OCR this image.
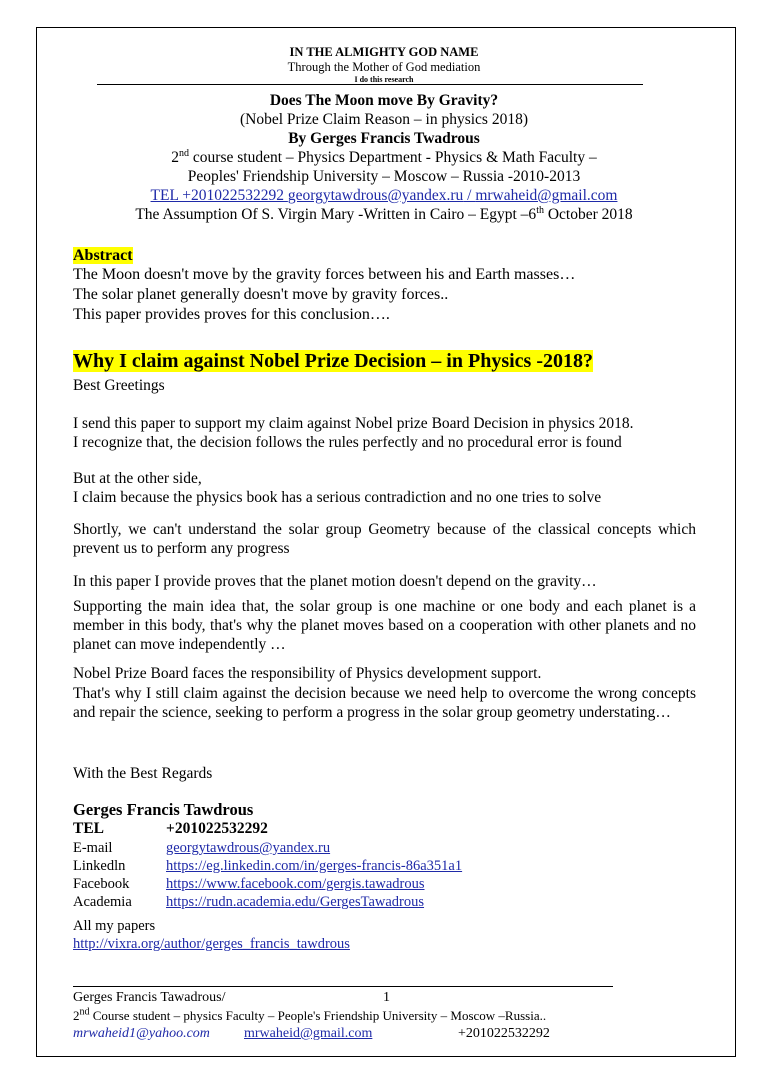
IN THE ALMIGHTY GOD NAME
Through the Mother of God mediation
I do this research
Does The Moon move By Gravity?
(Nobel Prize Claim Reason – in physics 2018)
By Gerges Francis Twadrous
2nd course student – Physics Department - Physics & Math Faculty –
Peoples' Friendship University – Moscow – Russia -2010-2013
TEL +201022532292 georgytawdrous@yandex.ru / mrwaheid@gmail.com
The Assumption Of S. Virgin Mary -Written in Cairo – Egypt –6th October 2018
Abstract
The Moon doesn't move by the gravity forces between his and Earth masses…
The solar planet generally doesn't move by gravity forces..
This paper provides proves for this conclusion….
Why I claim against Nobel Prize Decision – in Physics -2018?
Best Greetings
I send this paper to support my claim against Nobel prize Board Decision in physics 2018.
I recognize that, the decision follows the rules perfectly and no procedural error is found
But at the other side,
I claim because the physics book has a serious contradiction and no one tries to solve
Shortly, we can't understand the solar group Geometry because of the classical concepts which prevent us to perform any progress
In this paper I provide proves that the planet motion doesn't depend on the gravity…
Supporting the main idea that, the solar group is one machine or one body and each planet is a member in this body, that's why the planet moves based on a cooperation with other planets and no planet can move independently …
Nobel Prize Board faces the responsibility of Physics development support.
That's why I still claim against the decision because we need help to overcome the wrong concepts and repair the science, seeking to perform a progress in the solar group geometry understating…
With the Best Regards
Gerges Francis Tawdrous
TEL	+201022532292
E-mail	georgytawdrous@yandex.ru
Linkedln	https://eg.linkedin.com/in/gerges-francis-86a351a1
Facebook	https://www.facebook.com/gergis.tawadrous
Academia https://rudn.academia.edu/GergesTawadrous
All my papers
http://vixra.org/author/gerges_francis_tawdrous
Gerges Francis Tawadrous/	1
2nd Course student – physics Faculty – People's Friendship University – Moscow –Russia..
mrwaheid1@yahoo.com mrwaheid@gmail.com	+201022532292
